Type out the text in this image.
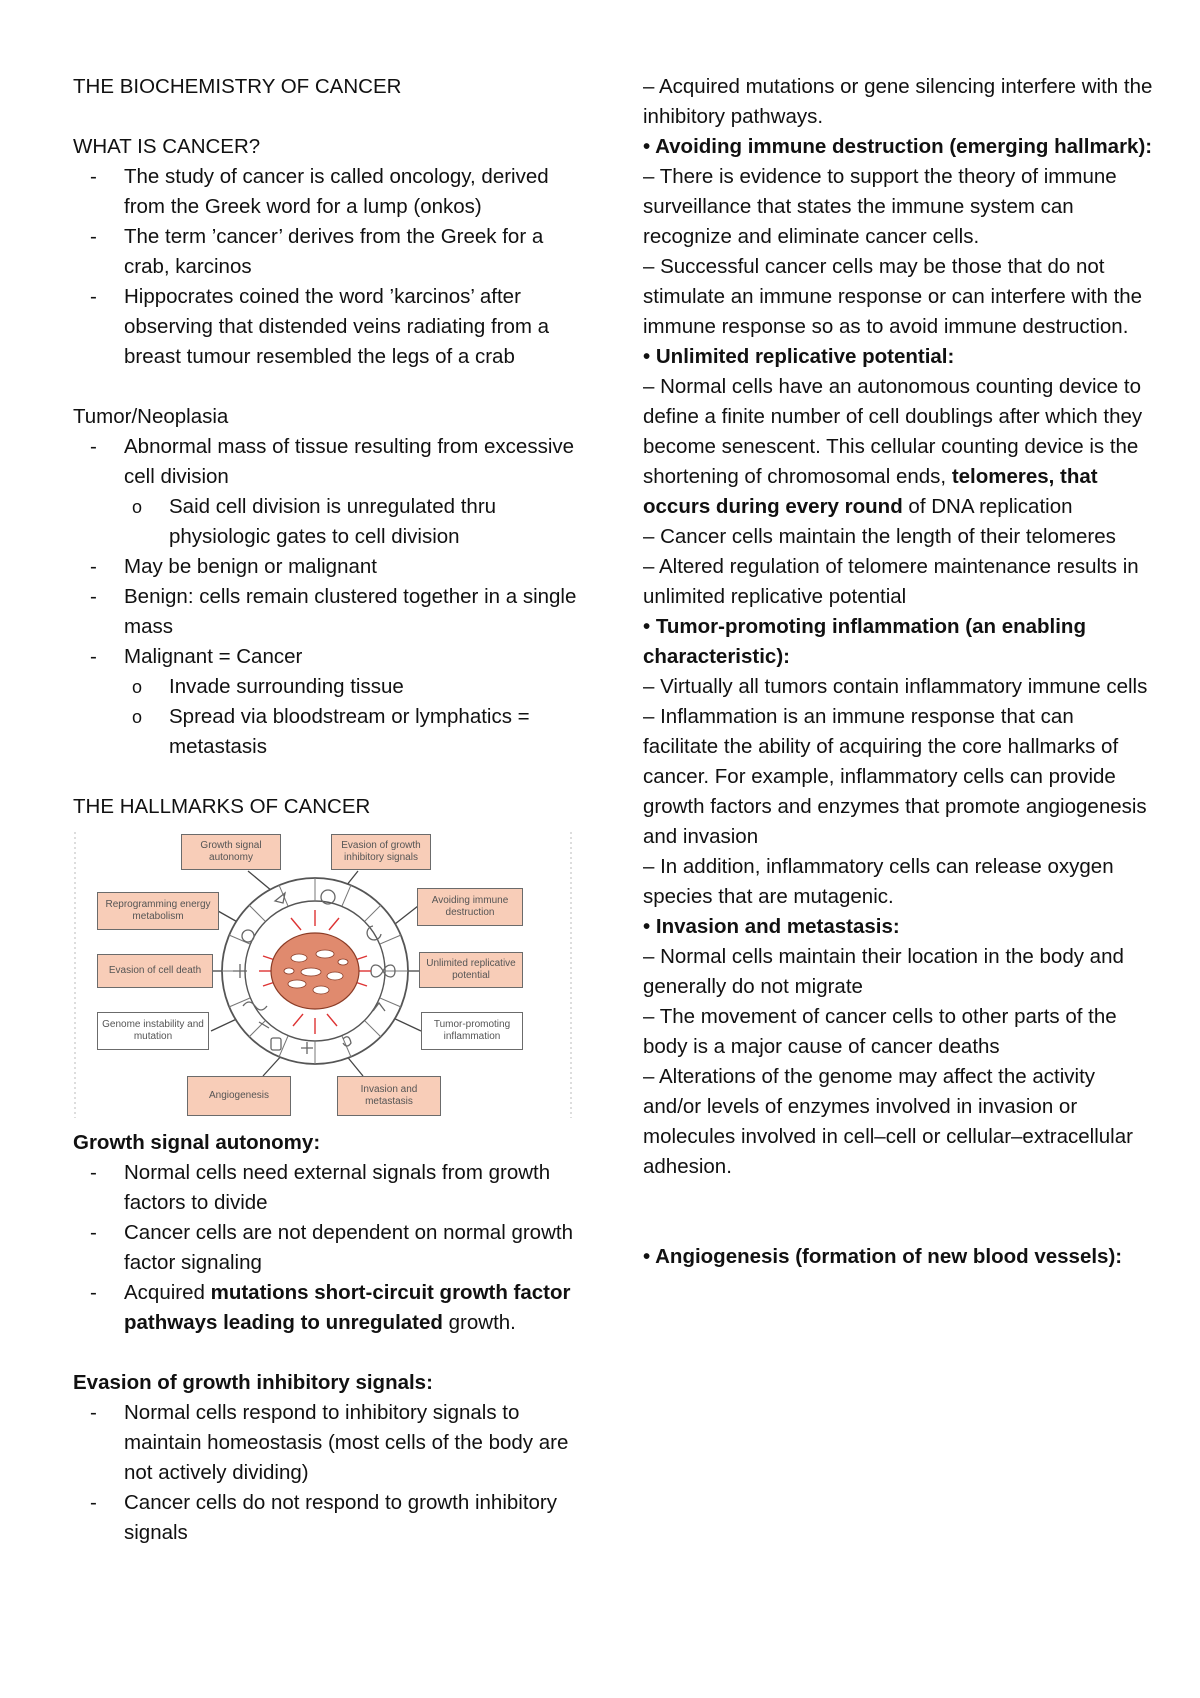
THE BIOCHEMISTRY OF CANCER

WHAT IS CANCER?

- The study of cancer is called oncology, derived from the Greek word for a lump (onkos)
- The term ’cancer’ derives from the Greek for a crab, karcinos
- Hippocrates coined the word ’karcinos’ after observing that distended veins radiating from a breast tumour resembled the legs of a crab

Tumor/Neoplasia

- Abnormal mass of tissue resulting from excessive cell division
o Said cell division is unregulated thru physiologic gates to cell division
- May be benign or malignant
- Benign: cells remain clustered together in a single mass
- Malignant = Cancer
o Invade surrounding tissue
o Spread via bloodstream or lymphatics = metastasis

THE HALLMARKS OF CANCER

Growth signal autonomy
Evasion of growth inhibitory signals
Reprogramming energy metabolism
Avoiding immune destruction
Evasion of cell death
Unlimited replicative potential
Genome instability and mutation
Tumor-promoting inflammation
Angiogenesis
Invasion and metastasis

Growth signal autonomy:

- Normal cells need external signals from growth factors to divide
- Cancer cells are not dependent on normal growth factor signaling
- Acquired mutations short-circuit growth factor pathways leading to unregulated growth.

Evasion of growth inhibitory signals:

- Normal cells respond to inhibitory signals to maintain homeostasis (most cells of the body are not actively dividing)
- Cancer cells do not respond to growth inhibitory signals

– Acquired mutations or gene silencing interfere with the inhibitory pathways.

• Avoiding immune destruction (emerging hallmark):

– There is evidence to support the theory of immune surveillance that states the immune system can recognize and eliminate cancer cells.

– Successful cancer cells may be those that do not stimulate an immune response or can interfere with the immune response so as to avoid immune destruction.

• Unlimited replicative potential:

– Normal cells have an autonomous counting device to define a finite number of cell doublings after which they become senescent. This cellular counting device is the shortening of chromosomal ends, telomeres, that occurs during every round of DNA replication

– Cancer cells maintain the length of their telomeres

– Altered regulation of telomere maintenance results in unlimited replicative potential

• Tumor-promoting inflammation (an enabling characteristic):

– Virtually all tumors contain inflammatory immune cells

– Inflammation is an immune response that can facilitate the ability of acquiring the core hallmarks of cancer. For example, inflammatory cells can provide growth factors and enzymes that promote angiogenesis and invasion

– In addition, inflammatory cells can release oxygen species that are mutagenic.

• Invasion and metastasis:

– Normal cells maintain their location in the body and generally do not migrate

– The movement of cancer cells to other parts of the body is a major cause of cancer deaths

– Alterations of the genome may affect the activity and/or levels of enzymes involved in invasion or molecules involved in cell–cell or cellular–extracellular adhesion.

• Angiogenesis (formation of new blood vessels):
